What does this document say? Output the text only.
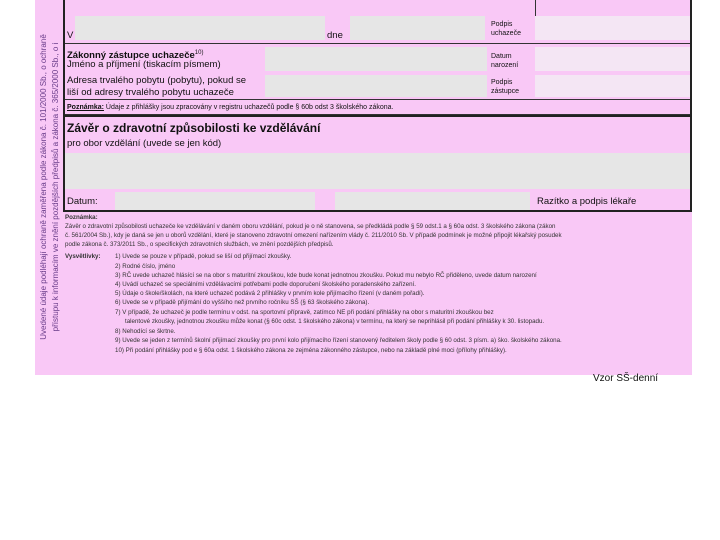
Uvedené údaje podléhají ochraně zaměřena podle zákona č. 101/2000 Sb., o ochraně přístupu k informacím ve znění pozdějších předpisů a zákona č. 365/2000 Sb., o i
V	dne
Podpis
uchazeče
Zákonný zástupce uchazeče$^{10)}$
Jméno a příjmení (tiskacím písmem)
Datum
narození
Adresa trvalého pobytu (pobytu), pokud se
liší od adresy trvalého pobytu uchazeče
Podpis
zástupce
Poznámka: Údaje z přihlášky jsou zpracovány v registru uchazečů podle § 60b odst 3 školského zákona.
Závěr o zdravotní způsobilosti ke vzdělávání
pro obor vzdělání (uvede se jen kód)
Datum:	Razítko a podpis lékaře
Poznámka:
Závěr o zdravotní způsobilosti uchazeče ke vzdělávání v daném oboru vzdělání, pokud je o ně stanovena, se předkládá podle § 59 odst.1 a § 60a odst. 3 školského zákona (zákon
č. 561/2004 Sb.), kdy je daná se jen u oborů vzdělání, které je stanoveno zdravotní omezení nařízením vlády č. 211/2010 Sb. V případě podmínek je možné připojit lékařský posudek
podle zákona č. 373/2011 Sb., o specifických zdravotních službách, ve znění pozdějších předpisů.
Vysvětlivky: 1) Uvede se pouze v případě, pokud se liší od přijímací zkoušky.
2) Rodné číslo, jméno
3) RČ uvede uchazeč hlásící se na obor s maturitní zkouškou, kde bude konat jednotnou zkoušku. Pokud mu nebylo RČ přiděleno, uvede datum narození
4) Uvádí uchazeč se speciálními vzdělávacími potřebami podle doporučení školského poradenského zařízení.
5) Údaje o škole/školách, na které uchazeč podává 2 přihlášky v prvním kole přijímacího řízení (v daném pořadí).
6) Uvede se v případě přijímání do vyššího než prvního ročníku SŠ (§ 63 školského zákona).
7) V případě, že uchazeč je podle termínu v odst. na sportovní přípravě, zatímco NE při podání přihlášky na obor s maturitní zkouškou bez
talentové zkoušky, jednotnou zkoušku může konat (§ 60c odst. 1 školského zákona) v termínu, na který se neprihlásil při podání přihlášky k 30. listopadu.
8) Nehodící se škrtne.
9) Uvede se jeden z termínů školní přijímací zkoušky pro první kolo přijímacího řízení stanovený ředitelem školy podle § 60 odst. 3 písm. a) ško. školského zákona.
10) Při podání přihlášky pod e § 60a odst. 1 školského zákona ze zejména zákonného zástupce, nebo na základě plné moci (přílohy přihlášky).
Vzor SŠ-denní
